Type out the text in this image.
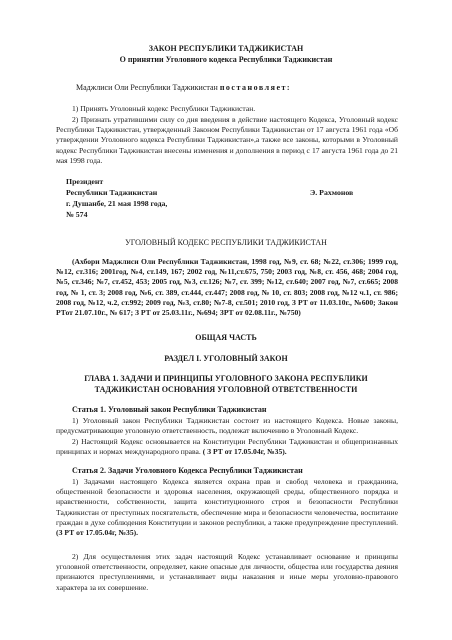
ЗАКОН РЕСПУБЛИКИ ТАДЖИКИСТАН
О принятии Уголовного кодекса Республики Таджикистан
Маджлиси Оли Республики Таджикистан постановляет:
1) Принять Уголовный кодекс Республики Таджикистан.
2) Признать утратившими силу со дня введения в действие настоящего Кодекса, Уголовный кодекс Республики Таджикистан, утвержденный Законом Республики Таджикистан от 17 августа 1961 года «Об утверждении Уголовного кодекса Республики Таджикистан»,а также все законы, которыми в Уголовный кодекс Республики Таджикистан внесены изменения и дополнения в период с 17 августа 1961 года до 21 мая 1998 года.
Президент
Республики Таджикистан	Э. Рахмонов
г. Душанбе, 21 мая 1998 года,
№ 574
УГОЛОВНЫЙ КОДЕКС РЕСПУБЛИКИ ТАДЖИКИСТАН
(Ахбори Маджлиси Оли Республики Таджикистан, 1998 год, №9, ст. 68; №22, ст.306; 1999 год, №12, ст.316; 2001год, №4, ст.149, 167; 2002 год, №11,ст.675, 750; 2003 год, №8, ст. 456, 468; 2004 год, №5, ст.346; №7, ст.452, 453; 2005 год, №3, ст.126; №7, ст. 399; №12, ст.640; 2007 год, №7, ст.665; 2008 год, № 1, ст. 3; 2008 год, №6, ст. 389, ст.444, ст.447; 2008 год, № 10, ст. 803; 2008 год, №12 ч.1, ст. 986; 2008 год, №12, ч.2, ст.992; 2009 год, №3, ст.80; №7-8, ст.501; 2010 год, З РТ от 11.03.10г., №600; Закон РТот 21.07.10г., № 617; З РТ от 25.03.11г., №694; ЗРТ от 02.08.11г., №750)
ОБЩАЯ ЧАСТЬ
РАЗДЕЛ I. УГОЛОВНЫЙ ЗАКОН
ГЛАВА 1. ЗАДАЧИ И ПРИНЦИПЫ УГОЛОВНОГО ЗАКОНА РЕСПУБЛИКИ ТАДЖИКИСТАН ОСНОВАНИЯ УГОЛОВНОЙ ОТВЕТСТВЕННОСТИ
Статья 1. Уголовный закон Республики Таджикистан
1) Уголовный закон Республики Таджикистан состоит из настоящего Кодекса. Новые законы, предусматривающие уголовную ответственность, подлежат включению в Уголовный Кодекс.
2) Настоящий Кодекс основывается на Конституции Республики Таджикистан и общепризнанных принципах и нормах международного права. ( З РТ от 17.05.04г, №35).
Статья 2. Задачи Уголовного Кодекса Республики Таджикистан
1) Задачами настоящего Кодекса является охрана прав и свобод человека и гражданина, общественной безопасности и здоровья населения, окружающей среды, общественного порядка и нравственности, собственности, защита конституционного строя и безопасности Республики Таджикистан от преступных посягательств, обеспечение мира и безопасности человечества, воспитание граждан в духе соблюдения Конституции и законов республики, а также предупреждение преступлений. (З РТ от 17.05.04г, №35).
2) Для осуществления этих задач настоящий Кодекс устанавливает основание и принципы уголовной ответственности, определяет, какие опасные для личности, общества или государства деяния признаются преступлениями, и устанавливает виды наказания и иные меры уголовно-правового характера за их совершение.
